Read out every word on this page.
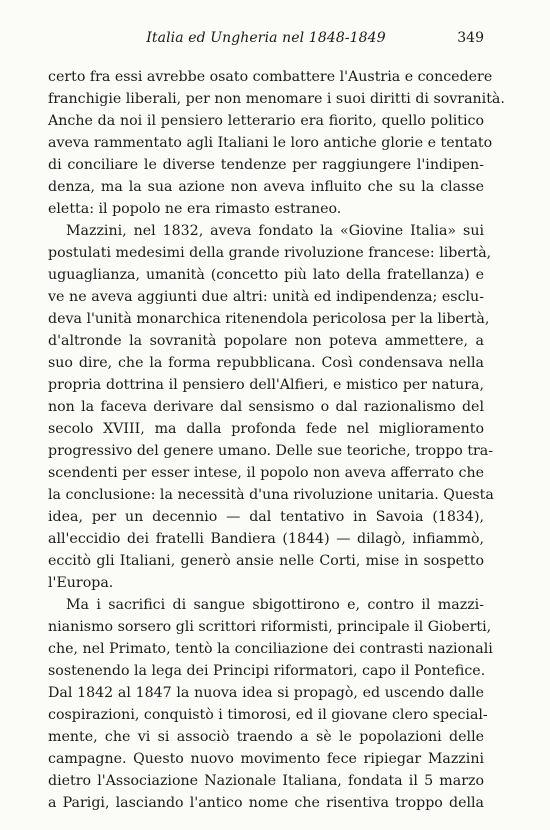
Italia ed Ungheria nel 1848-1849	349
certo fra essi avrebbe osato combattere l'Austria e concedere
franchigie liberali, per non menomare i suoi diritti di sovranità.
Anche da noi il pensiero letterario era fiorito, quello politico
aveva rammentato agli Italiani le loro antiche glorie e tentato
di conciliare le diverse tendenze per raggiungere l'indipen-
denza, ma la sua azione non aveva influito che su la classe
eletta: il popolo ne era rimasto estraneo.
Mazzini, nel 1832, aveva fondato la «Giovine Italia» sui
postulati medesimi della grande rivoluzione francese: libertà,
uguaglianza, umanità (concetto più lato della fratellanza) e
ve ne aveva aggiunti due altri: unità ed indipendenza; esclu-
deva l'unità monarchica ritenendola pericolosa per la libertà,
d'altronde la sovranità popolare non poteva ammettere, a
suo dire, che la forma repubblicana. Così condensava nella
propria dottrina il pensiero dell'Alfieri, e mistico per natura,
non la faceva derivare dal sensismo o dal razionalismo del
secolo XVIII, ma dalla profonda fede nel miglioramento
progressivo del genere umano. Delle sue teoriche, troppo tra-
scendenti per esser intese, il popolo non aveva afferrato che
la conclusione: la necessità d'una rivoluzione unitaria. Questa
idea, per un decennio — dal tentativo in Savoia (1834),
all'eccidio dei fratelli Bandiera (1844) — dilagò, infiammò,
eccitò gli Italiani, generò ansie nelle Corti, mise in sospetto
l'Europa.
Ma i sacrifici di sangue sbigottirono e, contro il mazzi-
nianismo sorsero gli scrittori riformisti, principale il Gioberti,
che, nel Primato, tentò la conciliazione dei contrasti nazionali
sostenendo la lega dei Principi riformatori, capo il Pontefice.
Dal 1842 al 1847 la nuova idea si propagò, ed uscendo dalle
cospirazioni, conquistò i timorosi, ed il giovane clero special-
mente, che vi si associò traendo a sè le popolazioni delle
campagne. Questo nuovo movimento fece ripiegar Mazzini
dietro l'Associazione Nazionale Italiana, fondata il 5 marzo
a Parigi, lasciando l'antico nome che risentiva troppo della
